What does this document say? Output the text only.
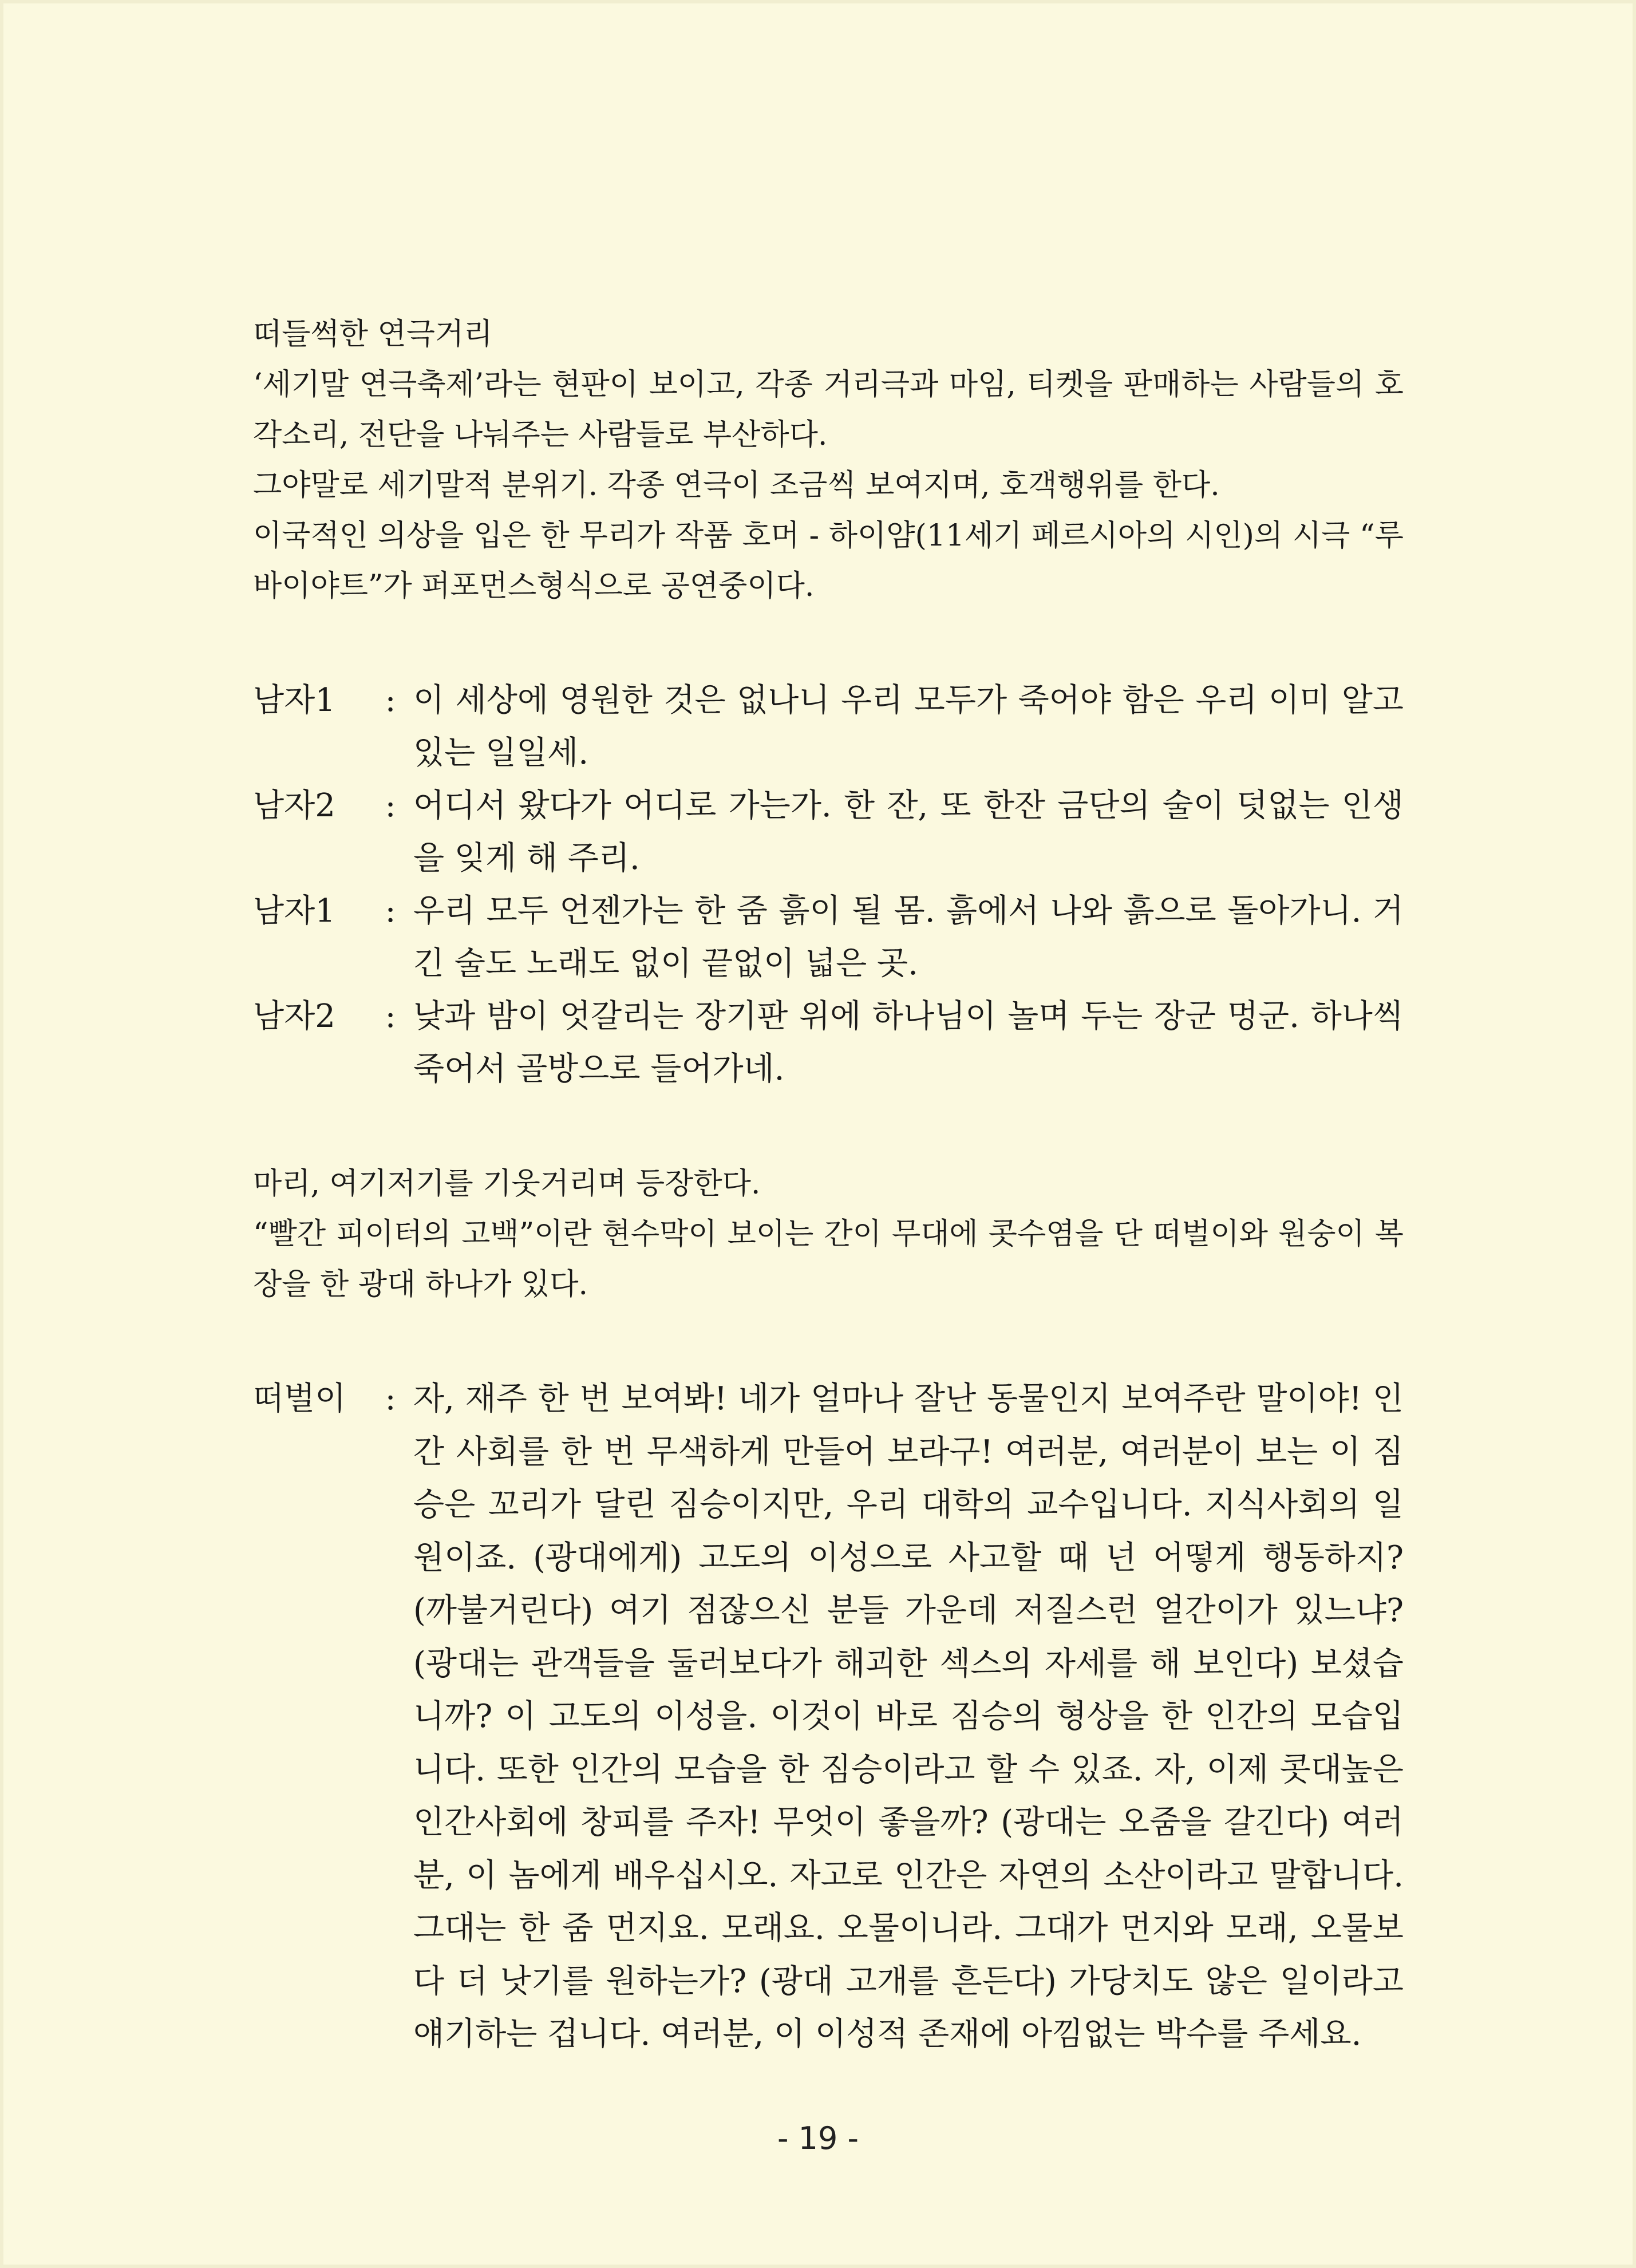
떠들썩한 연극거리

‘세기말 연극축제’라는 현판이 보이고, 각종 거리극과 마임, 티켓을 판매하는 사람들의 호각소리, 전단을 나눠주는 사람들로 부산하다.

그야말로 세기말적 분위기. 각종 연극이 조금씩 보여지며, 호객행위를 한다.

이국적인 의상을 입은 한 무리가 작품 호머 - 하이얌(11세기 페르시아의 시인)의 시극 “루바이야트”가 퍼포먼스형식으로 공연중이다.

남자1	: 이 세상에 영원한 것은 없나니 우리 모두가 죽어야 함은 우리 이미 알고 있는 일일세.
남자2	: 어디서 왔다가 어디로 가는가. 한 잔, 또 한잔 금단의 술이 덧없는 인생을 잊게 해 주리.
남자1	: 우리 모두 언젠가는 한 줌 흙이 될 몸. 흙에서 나와 흙으로 돌아가니. 거긴 술도 노래도 없이 끝없이 넓은 곳.
남자2	: 낮과 밤이 엇갈리는 장기판 위에 하나님이 놀며 두는 장군 멍군. 하나씩 죽어서 골방으로 들어가네.

마리, 여기저기를 기웃거리며 등장한다.

“빨간 피이터의 고백”이란 현수막이 보이는 간이 무대에 콧수염을 단 떠벌이와 원숭이 복장을 한 광대 하나가 있다.

떠벌이	: 자, 재주 한 번 보여봐! 네가 얼마나 잘난 동물인지 보여주란 말이야! 인간 사회를 한 번 무색하게 만들어 보라구! 여러분, 여러분이 보는 이 짐승은 꼬리가 달린 짐승이지만, 우리 대학의 교수입니다. 지식사회의 일원이죠. (광대에게) 고도의 이성으로 사고할 때 넌 어떻게 행동하지? (까불거린다) 여기 점잖으신 분들 가운데 저질스런 얼간이가 있느냐? (광대는 관객들을 둘러보다가 해괴한 섹스의 자세를 해 보인다) 보셨습니까? 이 고도의 이성을. 이것이 바로 짐승의 형상을 한 인간의 모습입니다. 또한 인간의 모습을 한 짐승이라고 할 수 있죠. 자, 이제 콧대높은 인간사회에 창피를 주자! 무엇이 좋을까? (광대는 오줌을 갈긴다) 여러분, 이 놈에게 배우십시오. 자고로 인간은 자연의 소산이라고 말합니다. 그대는 한 줌 먼지요. 모래요. 오물이니라. 그대가 먼지와 모래, 오물보다 더 낫기를 원하는가? (광대 고개를 흔든다) 가당치도 않은 일이라고 얘기하는 겁니다. 여러분, 이 이성적 존재에 아낌없는 박수를 주세요.
- 19 -
